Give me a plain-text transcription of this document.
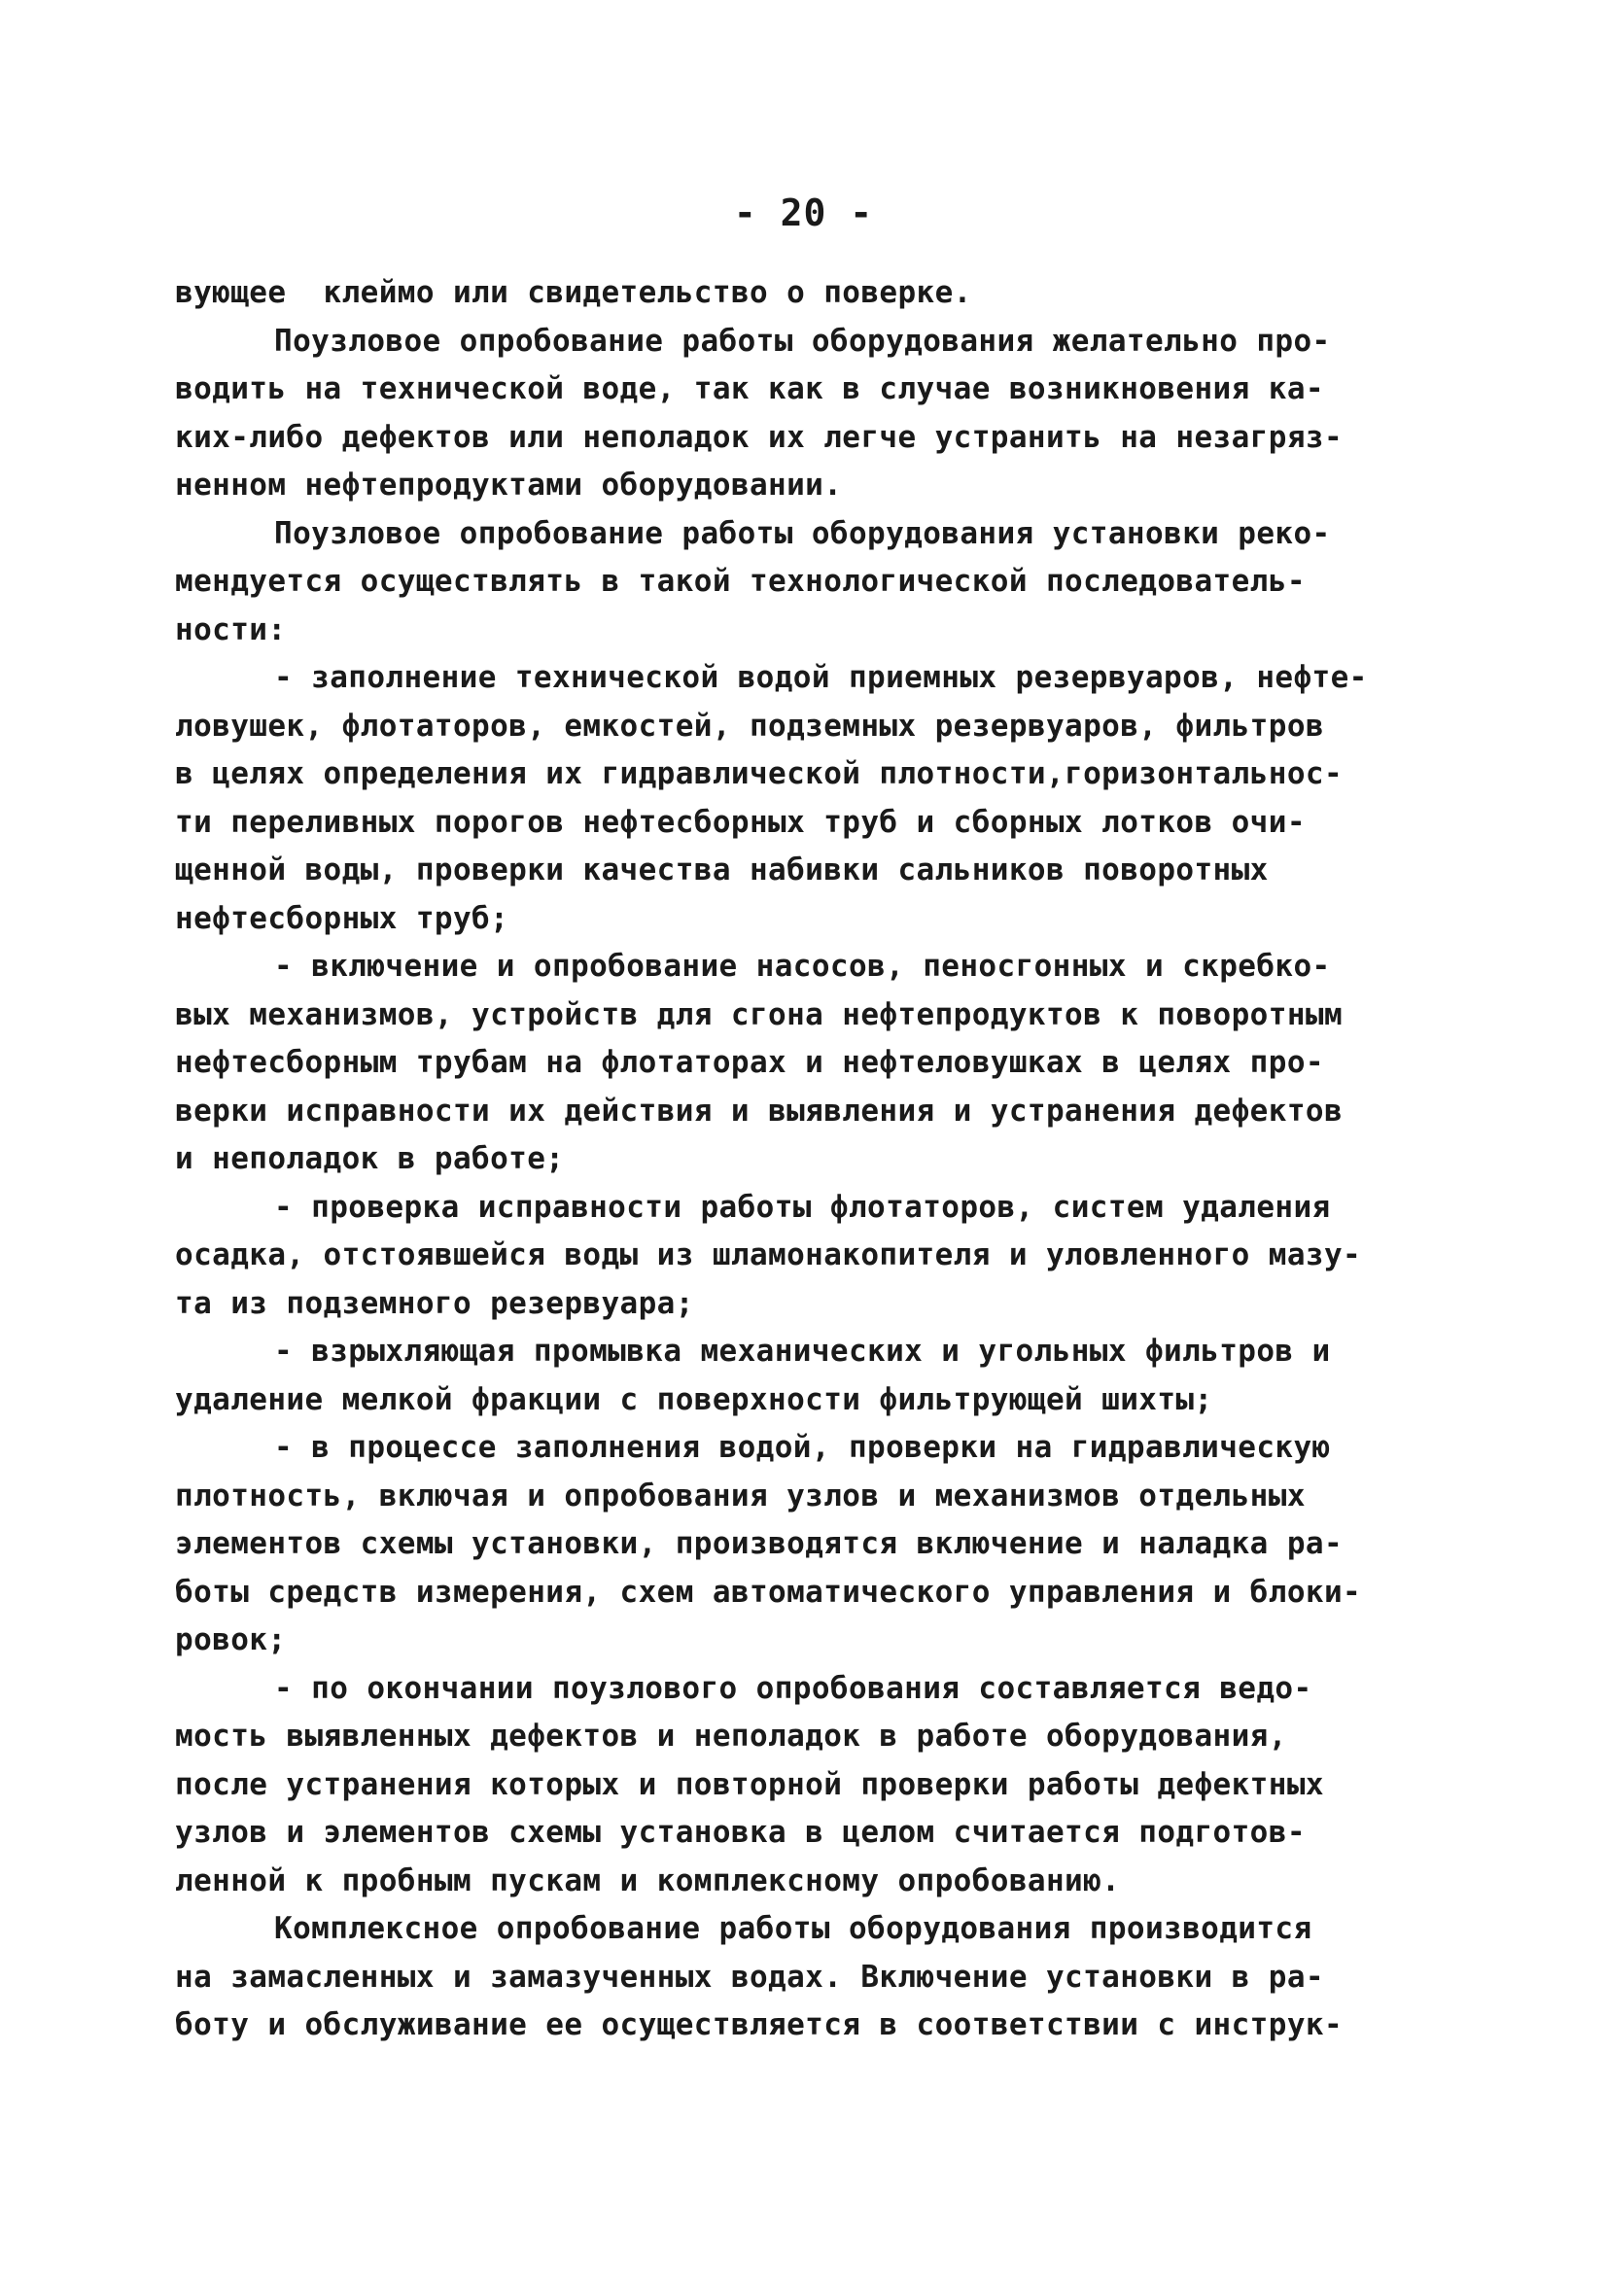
- 20 -
вующее  клеймо или свидетельство о поверке.
Поузловое опробование работы оборудования желательно про-
водить на технической воде, так как в случае возникновения ка-
ких-либо дефектов или неполадок их легче устранить на незагряз-
ненном нефтепродуктами оборудовании.
Поузловое опробование работы оборудования установки реко-
мендуется осуществлять в такой технологической последователь-
ности:
- заполнение технической водой приемных резервуаров, нефте-
ловушек, флотаторов, емкостей, подземных резервуаров, фильтров
в целях определения их гидравлической плотности,горизонтальнос-
ти переливных порогов нефтесборных труб и сборных лотков очи-
щенной воды, проверки качества набивки сальников поворотных
нефтесборных труб;
- включение и опробование насосов, пеносгонных и скребко-
вых механизмов, устройств для сгона нефтепродуктов к поворотным
нефтесборным трубам на флотаторах и нефтеловушках в целях про-
верки исправности их действия и выявления и устранения дефектов
и неполадок в работе;
- проверка исправности работы флотаторов, систем удаления
осадка, отстоявшейся воды из шламонакопителя и уловленного мазу-
та из подземного резервуара;
- взрыхляющая промывка механических и угольных фильтров и
удаление мелкой фракции с поверхности фильтрующей шихты;
- в процессе заполнения водой, проверки на гидравлическую
плотность, включая и опробования узлов и механизмов отдельных
элементов схемы установки, производятся включение и наладка ра-
боты средств измерения, схем автоматического управления и блоки-
ровок;
- по окончании поузлового опробования составляется ведо-
мость выявленных дефектов и неполадок в работе оборудования,
после устранения которых и повторной проверки работы дефектных
узлов и элементов схемы установка в целом считается подготов-
ленной к пробным пускам и комплексному опробованию.
Комплексное опробование работы оборудования производится
на замасленных и замазученных водах. Включение установки в ра-
боту и обслуживание ее осуществляется в соответствии с инструк-
